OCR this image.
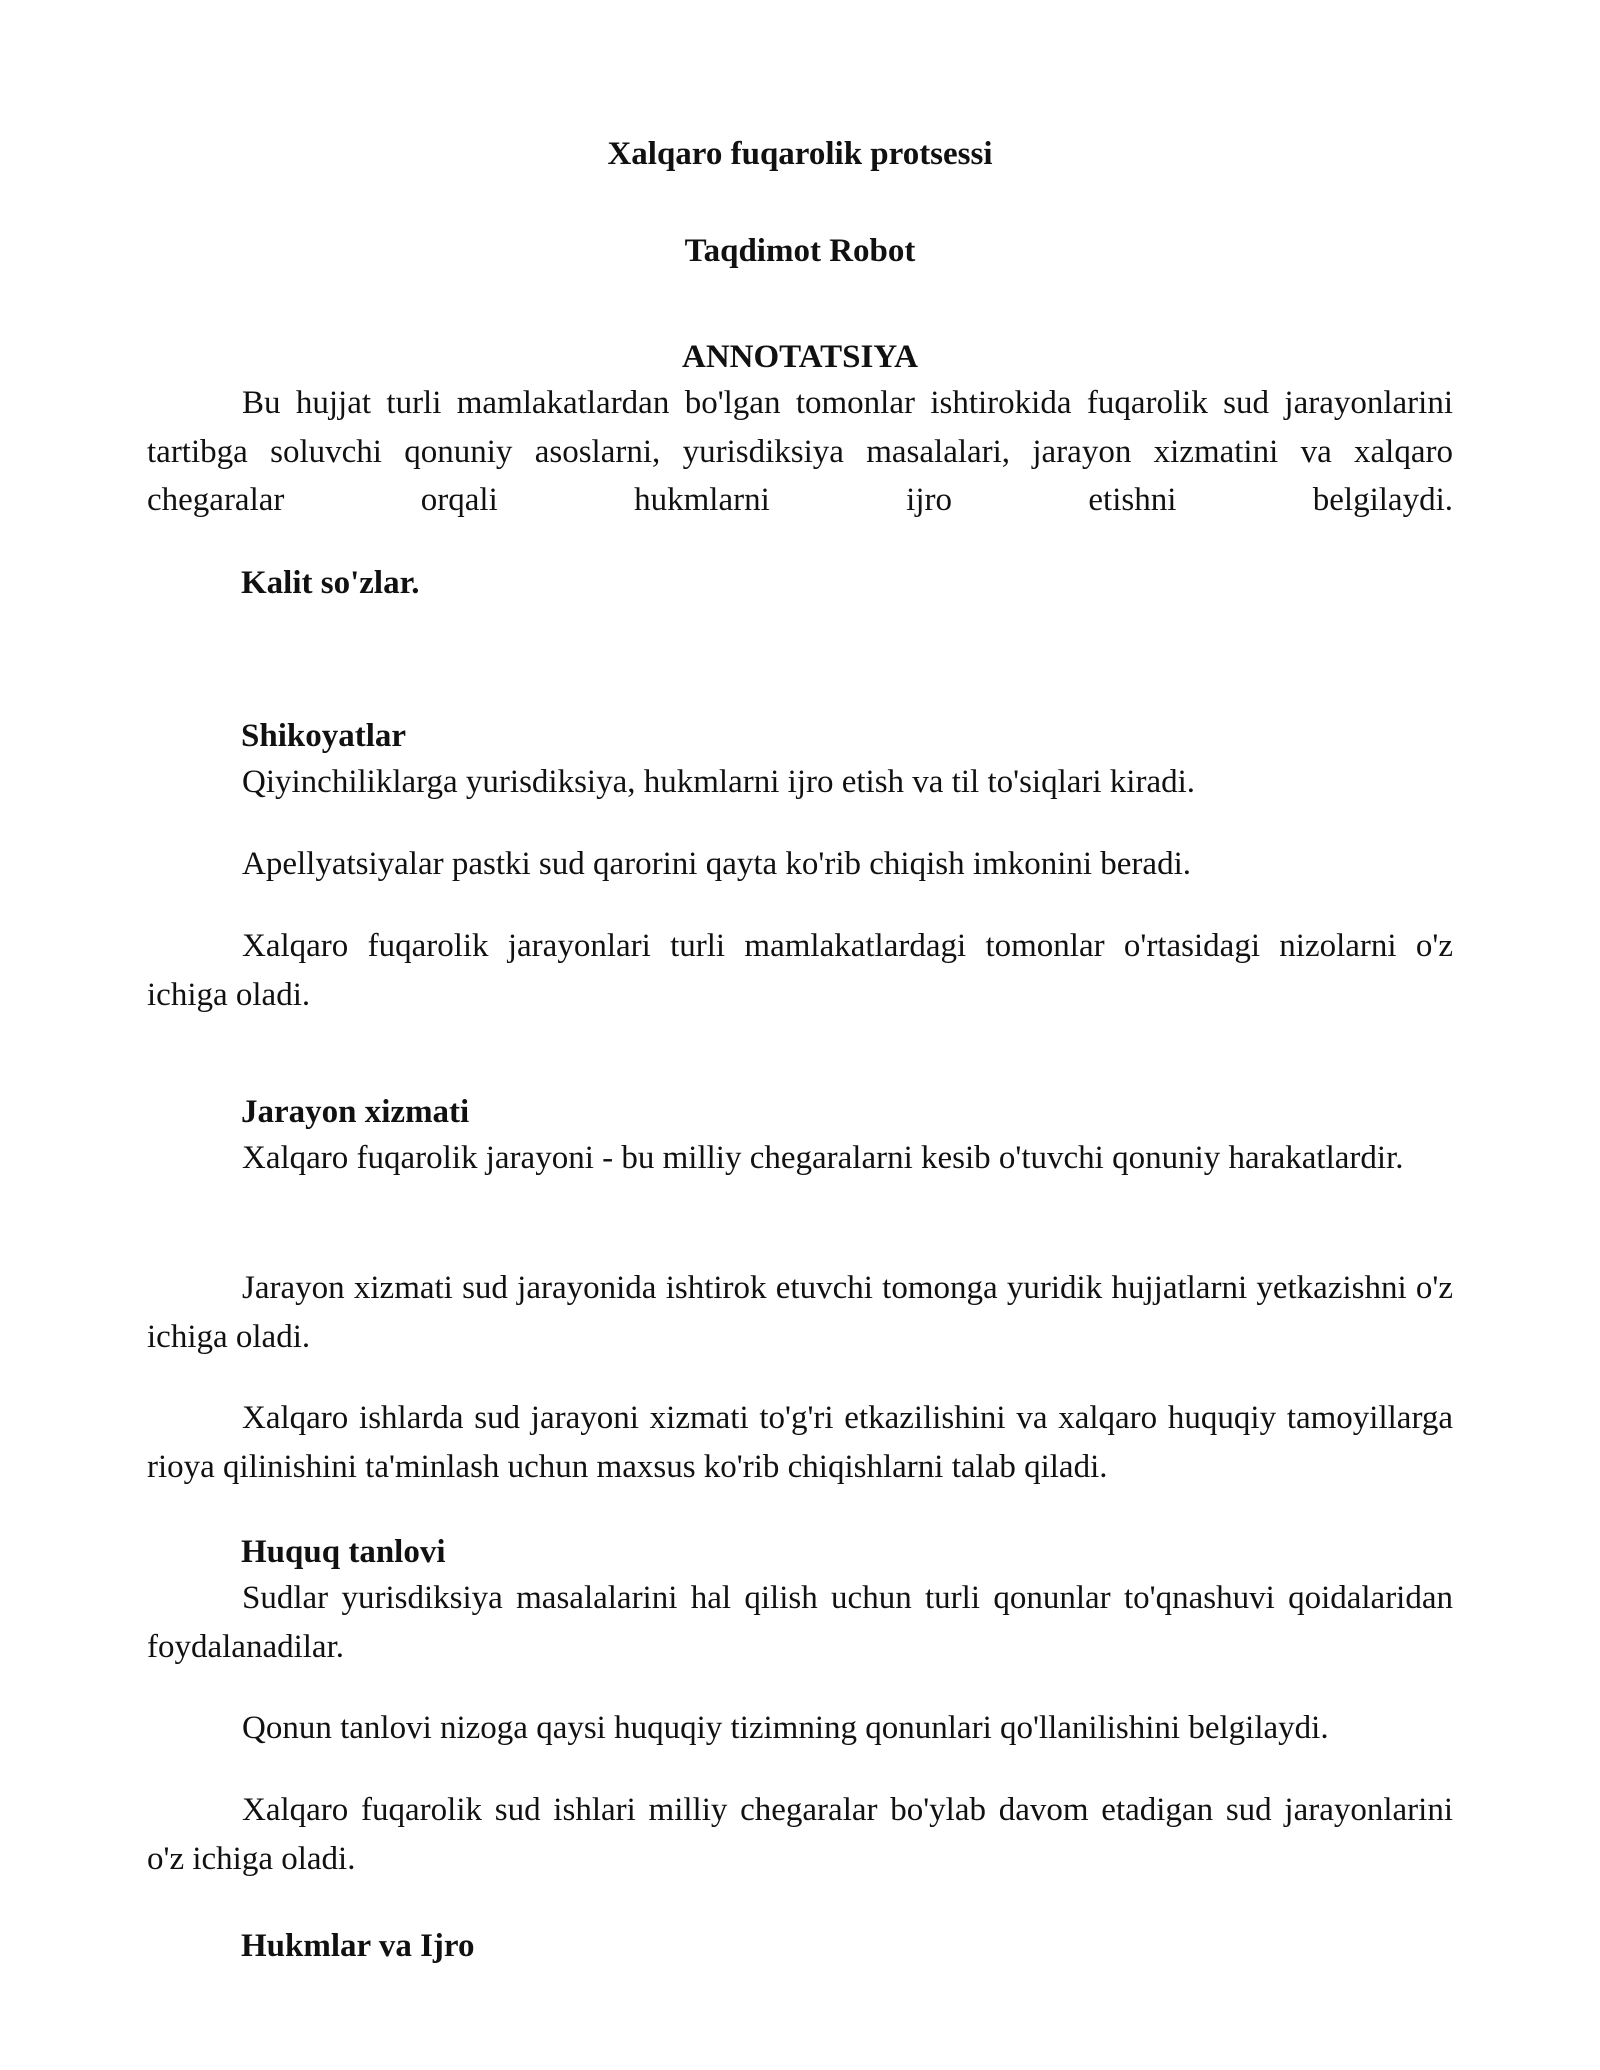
Xalqaro fuqarolik protsessi
Taqdimot Robot
ANNOTATSIYA
Bu hujjat turli mamlakatlardan bo'lgan tomonlar ishtirokida fuqarolik sud jarayonlarini tartibga soluvchi qonuniy asoslarni, yurisdiksiya masalalari, jarayon xizmatini va xalqaro chegaralar orqali hukmlarni ijro etishni belgilaydi.
Kalit so'zlar.
Shikoyatlar
Qiyinchiliklarga yurisdiksiya, hukmlarni ijro etish va til to'siqlari kiradi.
Apellyatsiyalar pastki sud qarorini qayta ko'rib chiqish imkonini beradi.
Xalqaro fuqarolik jarayonlari turli mamlakatlardagi tomonlar o'rtasidagi nizolarni o'z ichiga oladi.
Jarayon xizmati
Xalqaro fuqarolik jarayoni - bu milliy chegaralarni kesib o'tuvchi qonuniy harakatlardir.
Jarayon xizmati sud jarayonida ishtirok etuvchi tomonga yuridik hujjatlarni yetkazishni o'z ichiga oladi.
Xalqaro ishlarda sud jarayoni xizmati to'g'ri etkazilishini va xalqaro huquqiy tamoyillarga rioya qilinishini ta'minlash uchun maxsus ko'rib chiqishlarni talab qiladi.
Huquq tanlovi
Sudlar yurisdiksiya masalalarini hal qilish uchun turli qonunlar to'qnashuvi qoidalaridan foydalanadilar.
Qonun tanlovi nizoga qaysi huquqiy tizimning qonunlari qo'llanilishini belgilaydi.
Xalqaro fuqarolik sud ishlari milliy chegaralar bo'ylab davom etadigan sud jarayonlarini o'z ichiga oladi.
Hukmlar va Ijro
